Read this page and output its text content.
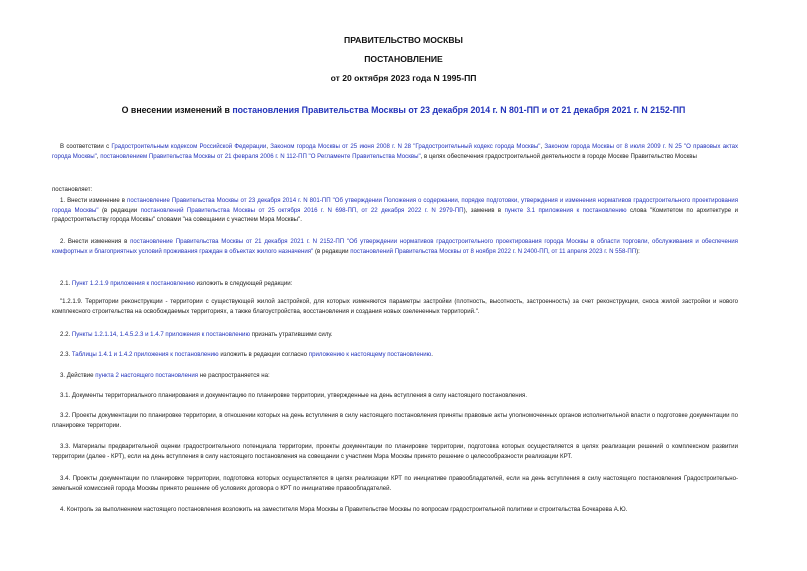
ПРАВИТЕЛЬСТВО МОСКВЫ
ПОСТАНОВЛЕНИЕ
от 20 октября 2023 года N 1995-ПП
О внесении изменений в постановления Правительства Москвы от 23 декабря 2014 г. N 801-ПП и от 21 декабря 2021 г. N 2152-ПП

В соответствии с Градостроительным кодексом Российской Федерации, Законом города Москвы от 25 июня 2008 г. N 28 "Градостроительный кодекс города Москвы", Законом города Москвы от 8 июля 2009 г. N 25 "О правовых актах города Москвы", постановлением Правительства Москвы от 21 февраля 2006 г. N 112-ПП "О Регламенте Правительства Москвы", в целях обеспечения градостроительной деятельности в городе Москве Правительство Москвы

постановляет:

1. Внести изменение в постановление Правительства Москвы от 23 декабря 2014 г. N 801-ПП "Об утверждении Положения о содержании, порядке подготовки, утверждения и изменения нормативов градостроительного проектирования города Москвы" (в редакции постановлений Правительства Москвы от 25 октября 2016 г. N 698-ПП, от 22 декабря 2022 г. N 2979-ПП), заменив в пункте 3.1 приложения к постановлению слова "Комитетом по архитектуре и градостроительству города Москвы" словами "на совещании с участием Мэра Москвы".

2. Внести изменения в постановление Правительства Москвы от 21 декабря 2021 г. N 2152-ПП "Об утверждении нормативов градостроительного проектирования города Москвы в области торговли, обслуживания и обеспечения комфортных и благоприятных условий проживания граждан в объектах жилого назначения" (в редакции постановлений Правительства Москвы от 8 ноября 2022 г. N 2400-ПП, от 11 апреля 2023 г. N 558-ПП):

2.1. Пункт 1.2.1.9 приложения к постановлению изложить в следующей редакции:

"1.2.1.9. Территории реконструкции - территории с существующей жилой застройкой, для которых изменяются параметры застройки (плотность, высотность, застроенность) за счет реконструкции, сноса жилой застройки и нового комплексного строительства на освобождаемых территориях, а также благоустройства, восстановления и создания новых озелененных территорий.".

2.2. Пункты 1.2.1.14, 1.4.5.2.3 и 1.4.7 приложения к постановлению признать утратившими силу.

2.3. Таблицы 1.4.1 и 1.4.2 приложения к постановлению изложить в редакции согласно приложению к настоящему постановлению.

3. Действие пункта 2 настоящего постановления не распространяется на:

3.1. Документы территориального планирования и документацию по планировке территории, утвержденные на день вступления в силу настоящего постановления.

3.2. Проекты документации по планировке территории, в отношении которых на день вступления в силу настоящего постановления приняты правовые акты уполномоченных органов исполнительной власти о подготовке документации по планировке территории.

3.3. Материалы предварительной оценки градостроительного потенциала территории, проекты документации по планировке территории, подготовка которых осуществляется в целях реализации решений о комплексном развитии территории (далее - КРТ), если на день вступления в силу настоящего постановления на совещании с участием Мэра Москвы принято решение о целесообразности реализации КРТ.

3.4. Проекты документации по планировке территории, подготовка которых осуществляется в целях реализации КРТ по инициативе правообладателей, если на день вступления в силу настоящего постановления Градостроительно-земельной комиссией города Москвы принято решение об условиях договора о КРТ по инициативе правообладателей.

4. Контроль за выполнением настоящего постановления возложить на заместителя Мэра Москвы в Правительстве Москвы по вопросам градостроительной политики и строительства Бочкарева А.Ю.
